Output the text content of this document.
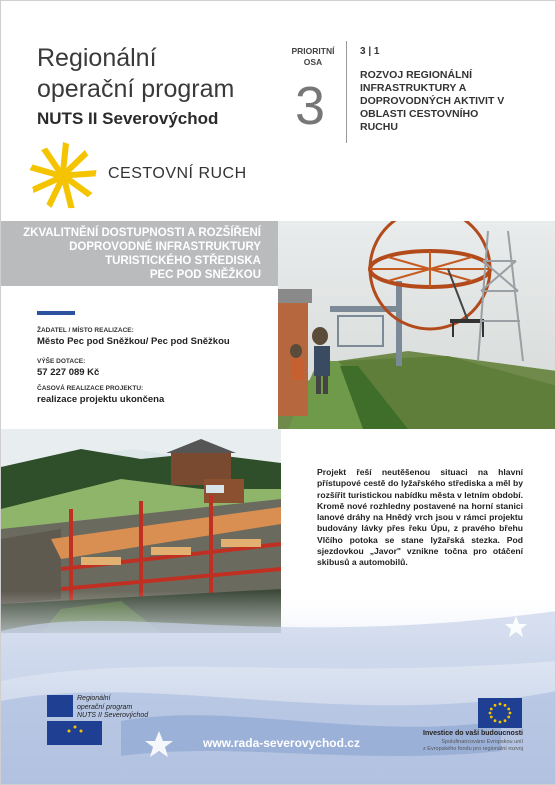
Regionální
operační program
NUTS II Severovýchod
PRIORITNÍ
OSA
3
3 | 1
ROZVOJ REGIONÁLNÍ INFRASTRUKTURY A DOPROVODNÝCH AKTIVIT V OBLASTI CESTOVNÍHO RUCHU
CESTOVNÍ RUCH
ZKVALITNĚNÍ DOSTUPNOSTI A ROZŠÍŘENÍ
DOPROVODNÉ INFRASTRUKTURY
TURISTICKÉHO STŘEDISKA
PEC POD SNĚŽKOU
ŽADATEL / MÍSTO REALIZACE:
Město Pec pod Sněžkou/ Pec pod Sněžkou
VÝŠE DOTACE:
57 227 089 Kč
ČASOVÁ REALIZACE PROJEKTU:
realizace projektu ukončena
Projekt řeší neutěšenou situaci na hlavní přístupové cestě do lyžařského střediska a měl by rozšířit turistickou nabídku města v letním období. Kromě nové rozhledny postavené na horní stanici lanové dráhy na Hnědý vrch jsou v rámci projektu budovány lávky přes řeku Úpu, z pravého břehu Vlčího potoka se stane lyžařská stezka. Pod sjezdovkou „Javor" vznikne točna pro otáčení skibusů a automobilů.
Regionální
operační program
NUTS II Severovýchod
www.rada-severovychod.cz
Investice do vaší budoucnosti
Spolufinancováno Evropskou unií
z Evropského fondu pro regionální rozvoj
